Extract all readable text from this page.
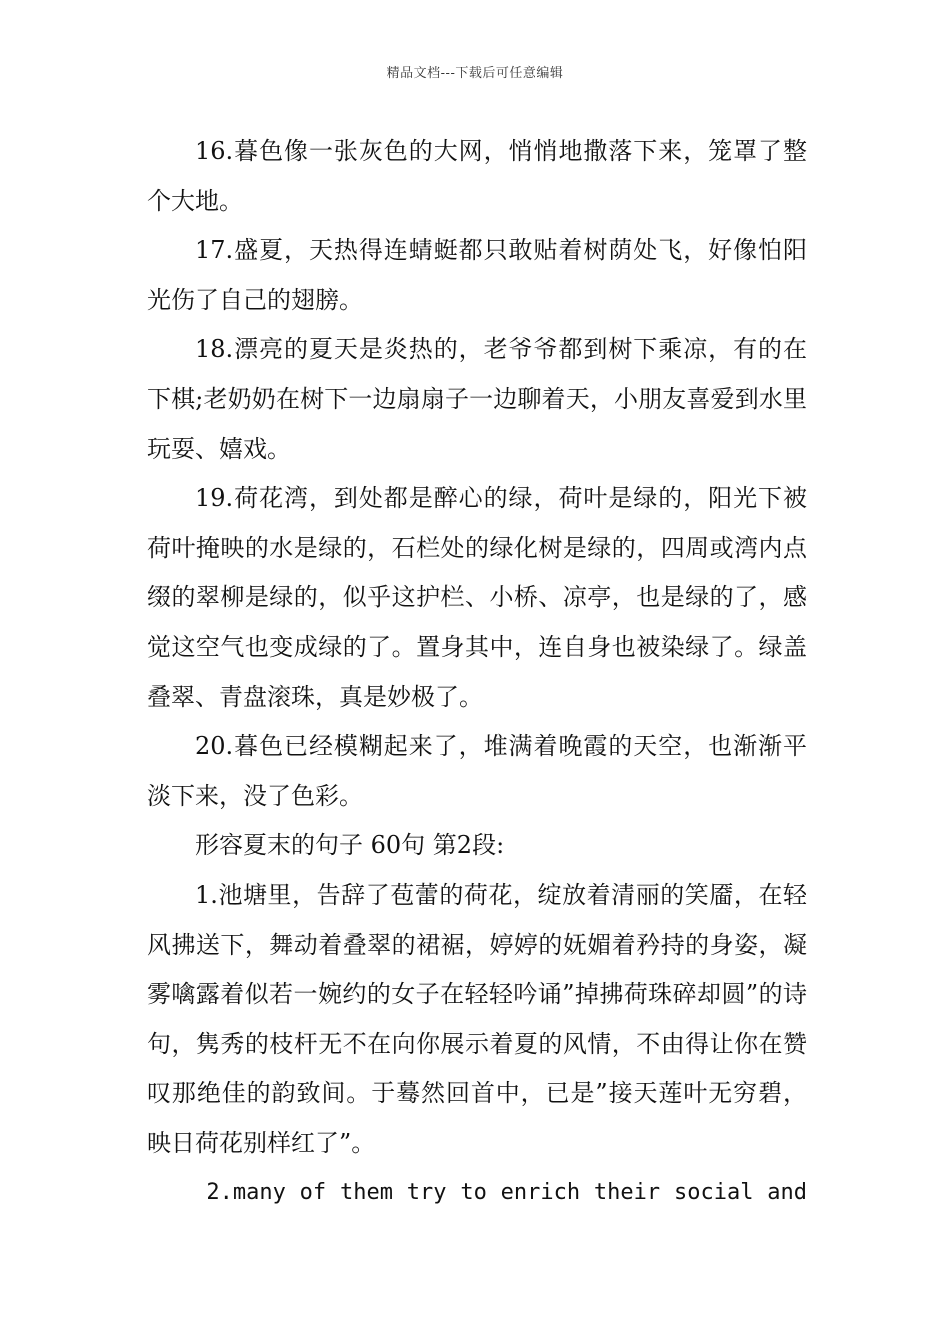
精品文档---下载后可任意编辑

16.暮色像一张灰色的大网，悄悄地撒落下来，笼罩了整个大地。

17.盛夏，天热得连蜻蜓都只敢贴着树荫处飞，好像怕阳光伤了自己的翅膀。

18.漂亮的夏天是炎热的，老爷爷都到树下乘凉，有的在下棋;老奶奶在树下一边扇扇子一边聊着天，小朋友喜爱到水里玩耍、嬉戏。

19.荷花湾，到处都是醉心的绿，荷叶是绿的，阳光下被荷叶掩映的水是绿的，石栏处的绿化树是绿的，四周或湾内点缀的翠柳是绿的，似乎这护栏、小桥、凉亭，也是绿的了，感觉这空气也变成绿的了。置身其中，连自身也被染绿了。绿盖叠翠、青盘滚珠，真是妙极了。

20.暮色已经模糊起来了，堆满着晚霞的天空，也渐渐平淡下来，没了色彩。

形容夏末的句子 60句 第2段:

1.池塘里，告辞了苞蕾的荷花，绽放着清丽的笑靥，在轻风拂送下，舞动着叠翠的裙裾，婷婷的妩媚着矜持的身姿，凝雾噙露着似若一婉约的女子在轻轻吟诵”掉拂荷珠碎却圆”的诗句，隽秀的枝杆无不在向你展示着夏的风情，不由得让你在赞叹那绝佳的韵致间。于蓦然回首中，已是”接天莲叶无穷碧，映日荷花别样红了”。

2.many of them try to enrich their social and
